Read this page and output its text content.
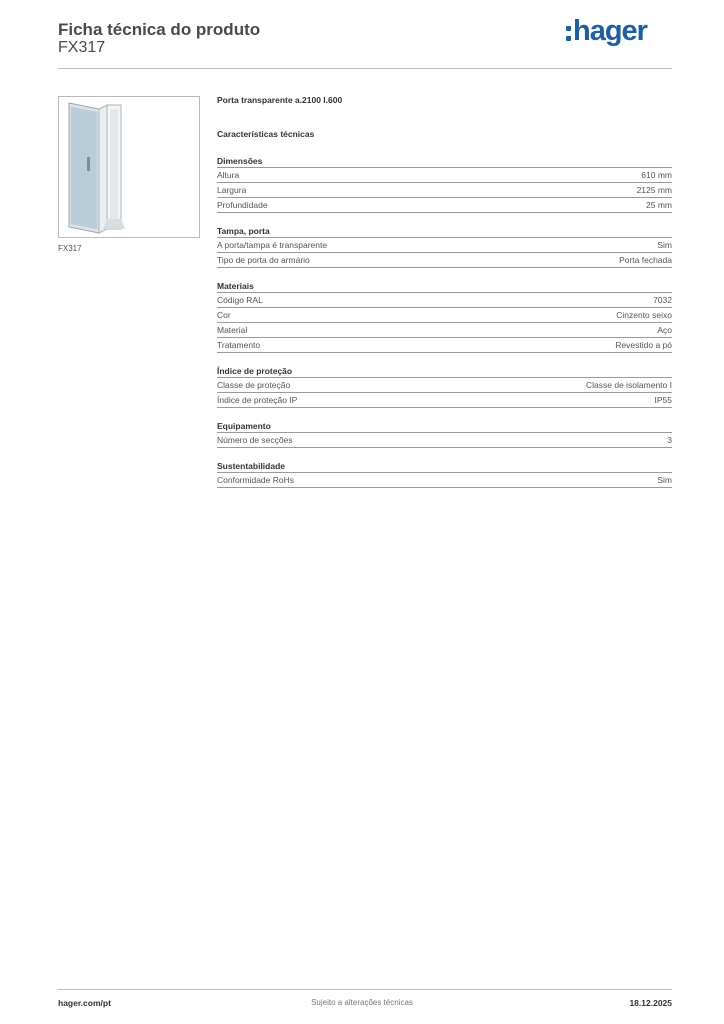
Ficha técnica do produto
FX317
hager
FX317
Porta transparente a.2100 l.600
Características técnicas
Dimensões
Altura	610 mm
Largura	2125 mm
Profundidade	25 mm
Tampa, porta
A porta/tampa é transparente	Sim
Tipo de porta do armário	Porta fechada
Materiais
Código RAL	7032
Cor	Cinzento seixo
Material	Aço
Tratamento	Revestido a pó
Índice de proteção
Classe de proteção	Classe de isolamento I
Índice de proteção IP	IP55
Equipamento
Número de secções	3
Sustentabilidade
Conformidade RoHs	Sim
hager.com/pt	Sujeito a alterações técnicas	18.12.2025
